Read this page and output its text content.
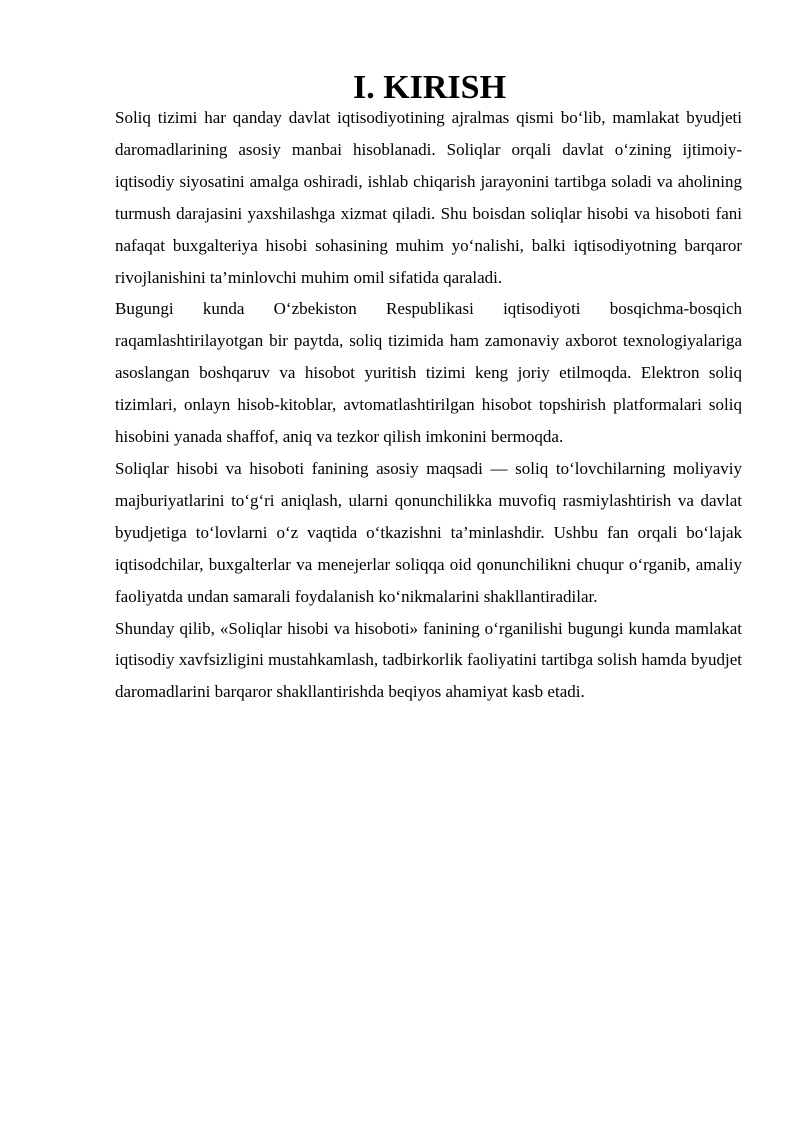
I. KIRISH

Soliq tizimi har qanday davlat iqtisodiyotining ajralmas qismi bo‘lib, mamlakat byudjeti daromadlarining asosiy manbai hisoblanadi. Soliqlar orqali davlat o‘zining ijtimoiy-iqtisodiy siyosatini amalga oshiradi, ishlab chiqarish jarayonini tartibga soladi va aholining turmush darajasini yaxshilashga xizmat qiladi. Shu boisdan soliqlar hisobi va hisoboti fani nafaqat buxgalteriya hisobi sohasining muhim yo‘nalishi, balki iqtisodiyotning barqaror rivojlanishini ta’minlovchi muhim omil sifatida qaraladi.

Bugungi kunda O‘zbekiston Respublikasi iqtisodiyoti bosqichma-bosqich raqamlashtirilayotgan bir paytda, soliq tizimida ham zamonaviy axborot texnologiyalariga asoslangan boshqaruv va hisobot yuritish tizimi keng joriy etilmoqda. Elektron soliq tizimlari, onlayn hisob-kitoblar, avtomatlashtirilgan hisobot topshirish platformalari soliq hisobini yanada shaffof, aniq va tezkor qilish imkonini bermoqda.

Soliqlar hisobi va hisoboti fanining asosiy maqsadi — soliq to‘lovchilarning moliyaviy majburiyatlarini to‘g‘ri aniqlash, ularni qonunchilikka muvofiq rasmiylashtirish va davlat byudjetiga to‘lovlarni o‘z vaqtida o‘tkazishni ta’minlashdir. Ushbu fan orqali bo‘lajak iqtisodchilar, buxgalterlar va menejerlar soliqqa oid qonunchilikni chuqur o‘rganib, amaliy faoliyatda undan samarali foydalanish ko‘nikmalarini shakllantiradilar.

Shunday qilib, «Soliqlar hisobi va hisoboti» fanining o‘rganilishi bugungi kunda mamlakat iqtisodiy xavfsizligini mustahkamlash, tadbirkorlik faoliyatini tartibga solish hamda byudjet daromadlarini barqaror shakllantirishda beqiyos ahamiyat kasb etadi.
